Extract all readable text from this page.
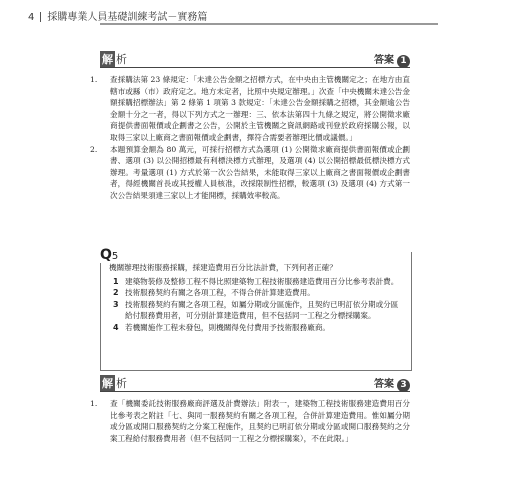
4 採購專業人員基礎訓練考試－實務篇
解 析	答案 1
1. 查採購法第 23 條規定：「未達公告金額之招標方式，在中央由主管機關定之；在地方由直轄市或縣（市）政府定之。地方未定者，比照中央規定辦理。」次查「中央機關未達公告金額採購招標辦法」第 2 條第 1 項第 3 款規定：「未達公告金額採購之招標，其金額逾公告金額十分之一者，得以下列方式之一辦理：三、依本法第四十九條之規定，將公開徵求廠商提供書面報價或企劃書之公告，公開於主管機關之資訊網路或刊登於政府採購公報，以取得三家以上廠商之書面報價或企劃書，擇符合需要者辦理比價或議價。」
2. 本題預算金額為 80 萬元，可採行招標方式為選項 (1) 公開徵求廠商提供書面報價或企劃書、選項 (3) 以公開招標最有利標決標方式辦理，及選項 (4) 以公開招標最低標決標方式辦理。考量選項 (1) 方式於第一次公告結果，未能取得三家以上廠商之書面報價或企劃書者，得經機關首長或其授權人員核准，改採限制性招標，較選項 (3) 及選項 (4) 方式第一次公告結果須達三家以上才能開標，採購效率較高。
Q5
機關辦理技術服務採購，採建造費用百分比法計費，下列何者正確？
1 建築物裝修及整修工程不得比照建築物工程技術服務建造費用百分比參考表計費。
2 技術服務契約有關之各項工程，不得合併計算建造費用。
3 技術服務契約有關之各項工程，如屬分期或分區施作，且契約已明訂依分期或分區給付服務費用者，可分別計算建造費用，但不包括同一工程之分標採購案。
4 若機關施作工程未發包，則機關得免付費用予技術服務廠商。
解 析	答案 3
1. 查「機關委託技術服務廠商評選及計費辦法」附表一，建築物工程技術服務建造費用百分比參考表之附註「七、與同一服務契約有關之各項工程，合併計算建造費用。惟如屬分期或分區或開口服務契約之分案工程施作，且契約已明訂依分期或分區或開口服務契約之分案工程給付服務費用者（但不包括同一工程之分標採購案），不在此限。」
